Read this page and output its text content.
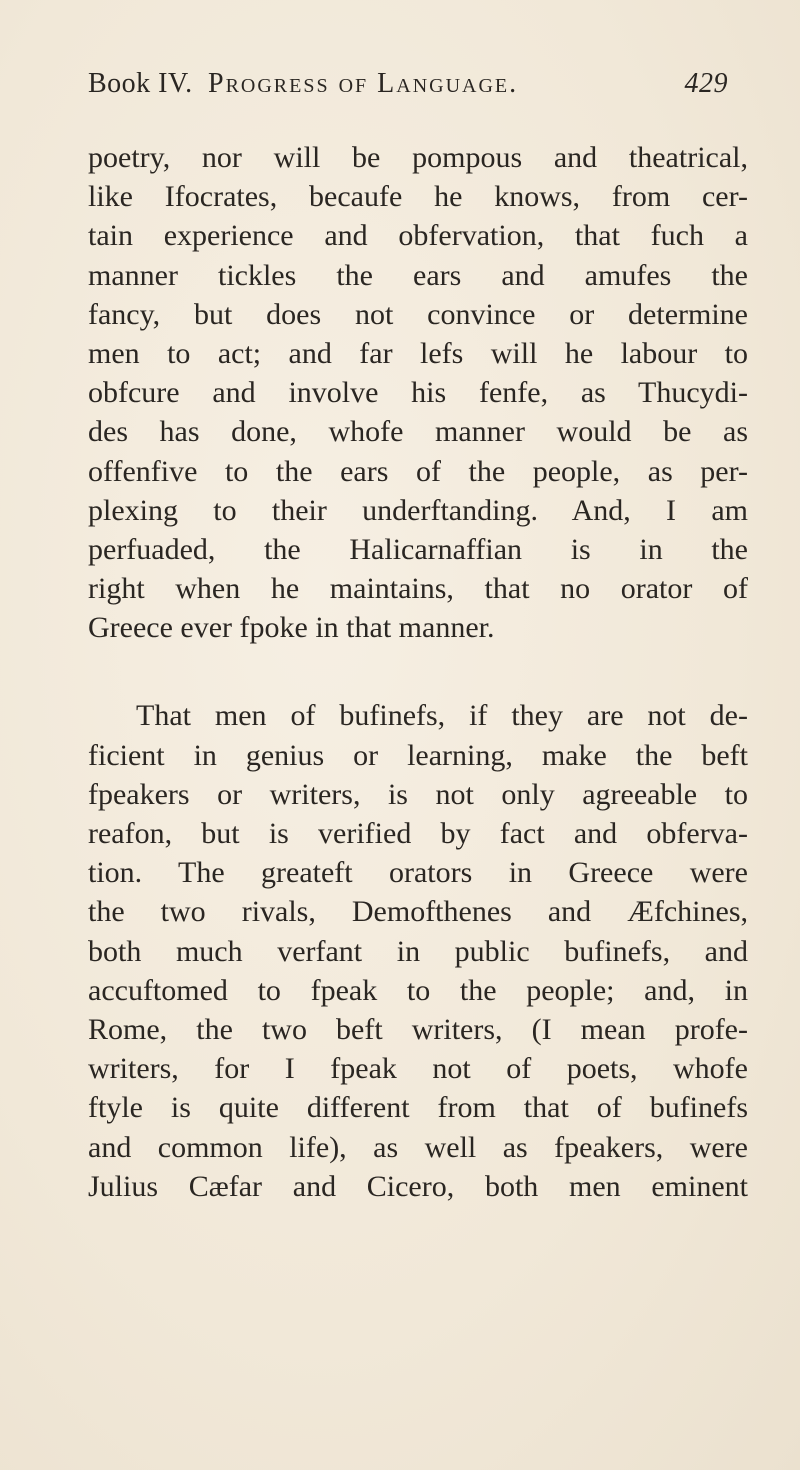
Book IV. Progress of Language.	429
poetry, nor will be pompous and theatrical,
like Ifocrates, becaufe he knows, from cer-
tain experience and obfervation, that fuch a
manner tickles the ears and amufes the
fancy, but does not convince or determine
men to act; and far lefs will he labour to
obfcure and involve his fenfe, as Thucydi-
des has done, whofe manner would be as
offenfive to the ears of the people, as per-
plexing to their underftanding. And, I am
perfuaded, the Halicarnaffian is in the
right when he maintains, that no orator of
Greece ever fpoke in that manner.
That men of bufinefs, if they are not de-
ficient in genius or learning, make the beft
fpeakers or writers, is not only agreeable to
reafon, but is verified by fact and obferva-
tion. The greateft orators in Greece were
the two rivals, Demofthenes and Æfchines,
both much verfant in public bufinefs, and
accuftomed to fpeak to the people; and, in
Rome, the two beft writers, (I mean profe-
writers, for I fpeak not of poets, whofe
ftyle is quite different from that of bufinefs
and common life), as well as fpeakers, were
Julius Cæfar and Cicero, both men eminent
